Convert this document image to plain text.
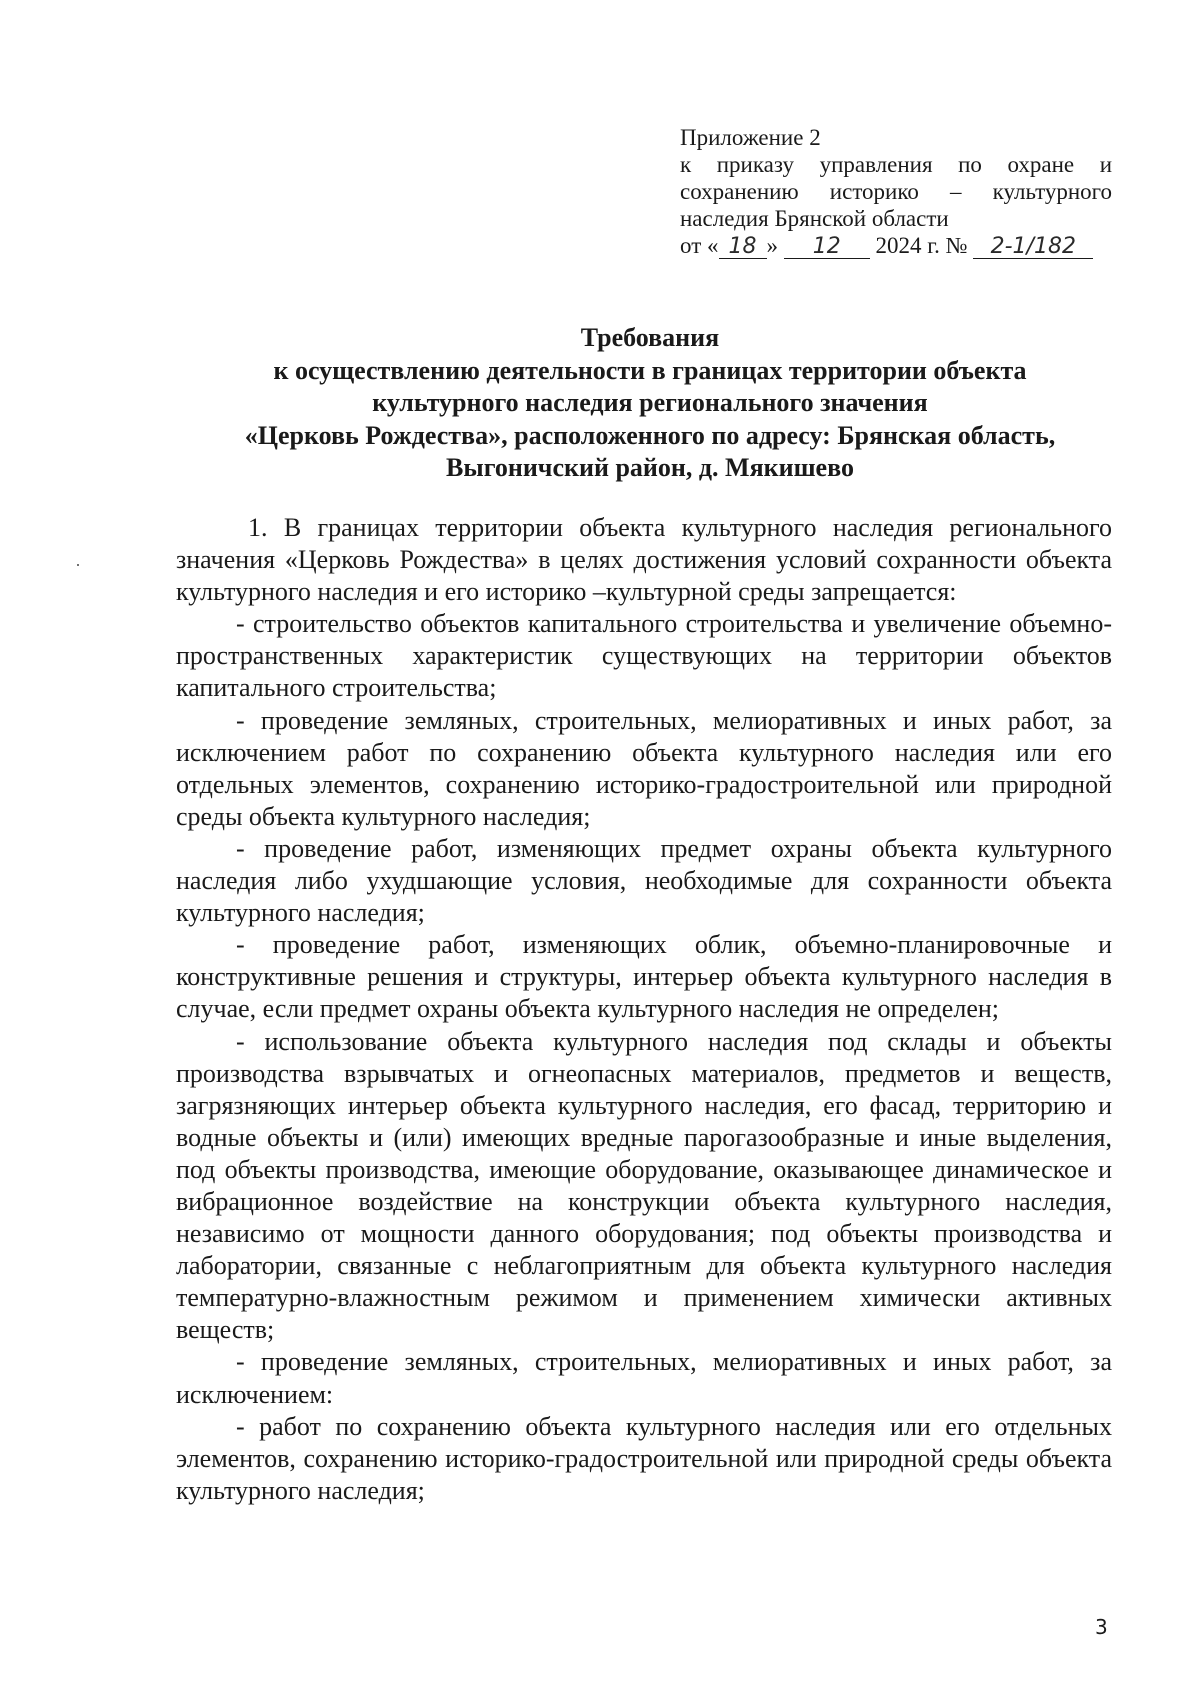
Приложение 2
к приказу управления по охране и
сохранению историко – культурного
наследия Брянской области
от « 18 » 12 2024 г. № 2-1/182
Требования
к осуществлению деятельности в границах территории объекта
культурного наследия регионального значения
«Церковь Рождества», расположенного по адресу: Брянская область,
Выгоничский район, д. Мякишево

1. В границах территории объекта культурного наследия регионального значения «Церковь Рождества» в целях достижения условий сохранности объекта культурного наследия и его историко –культурной среды запрещается:

- строительство объектов капитального строительства и увеличение объемно-пространственных характеристик существующих на территории объектов капитального строительства;

- проведение земляных, строительных, мелиоративных и иных работ, за исключением работ по сохранению объекта культурного наследия или его отдельных элементов, сохранению историко-градостроительной или природной среды объекта культурного наследия;

- проведение работ, изменяющих предмет охраны объекта культурного наследия либо ухудшающие условия, необходимые для сохранности объекта культурного наследия;

- проведение работ, изменяющих облик, объемно-планировочные и конструктивные решения и структуры, интерьер объекта культурного наследия в случае, если предмет охраны объекта культурного наследия не определен;

- использование объекта культурного наследия под склады и объекты производства взрывчатых и огнеопасных материалов, предметов и веществ, загрязняющих интерьер объекта культурного наследия, его фасад, территорию и водные объекты и (или) имеющих вредные парогазообразные и иные выделения, под объекты производства, имеющие оборудование, оказывающее динамическое и вибрационное воздействие на конструкции объекта культурного наследия, независимо от мощности данного оборудования; под объекты производства и лаборатории, связанные с неблагоприятным для объекта культурного наследия температурно-влажностным режимом и применением химически активных веществ;

- проведение земляных, строительных, мелиоративных и иных работ, за исключением:

- работ по сохранению объекта культурного наследия или его отдельных элементов, сохранению историко-градостроительной или природной среды объекта культурного наследия;

3
